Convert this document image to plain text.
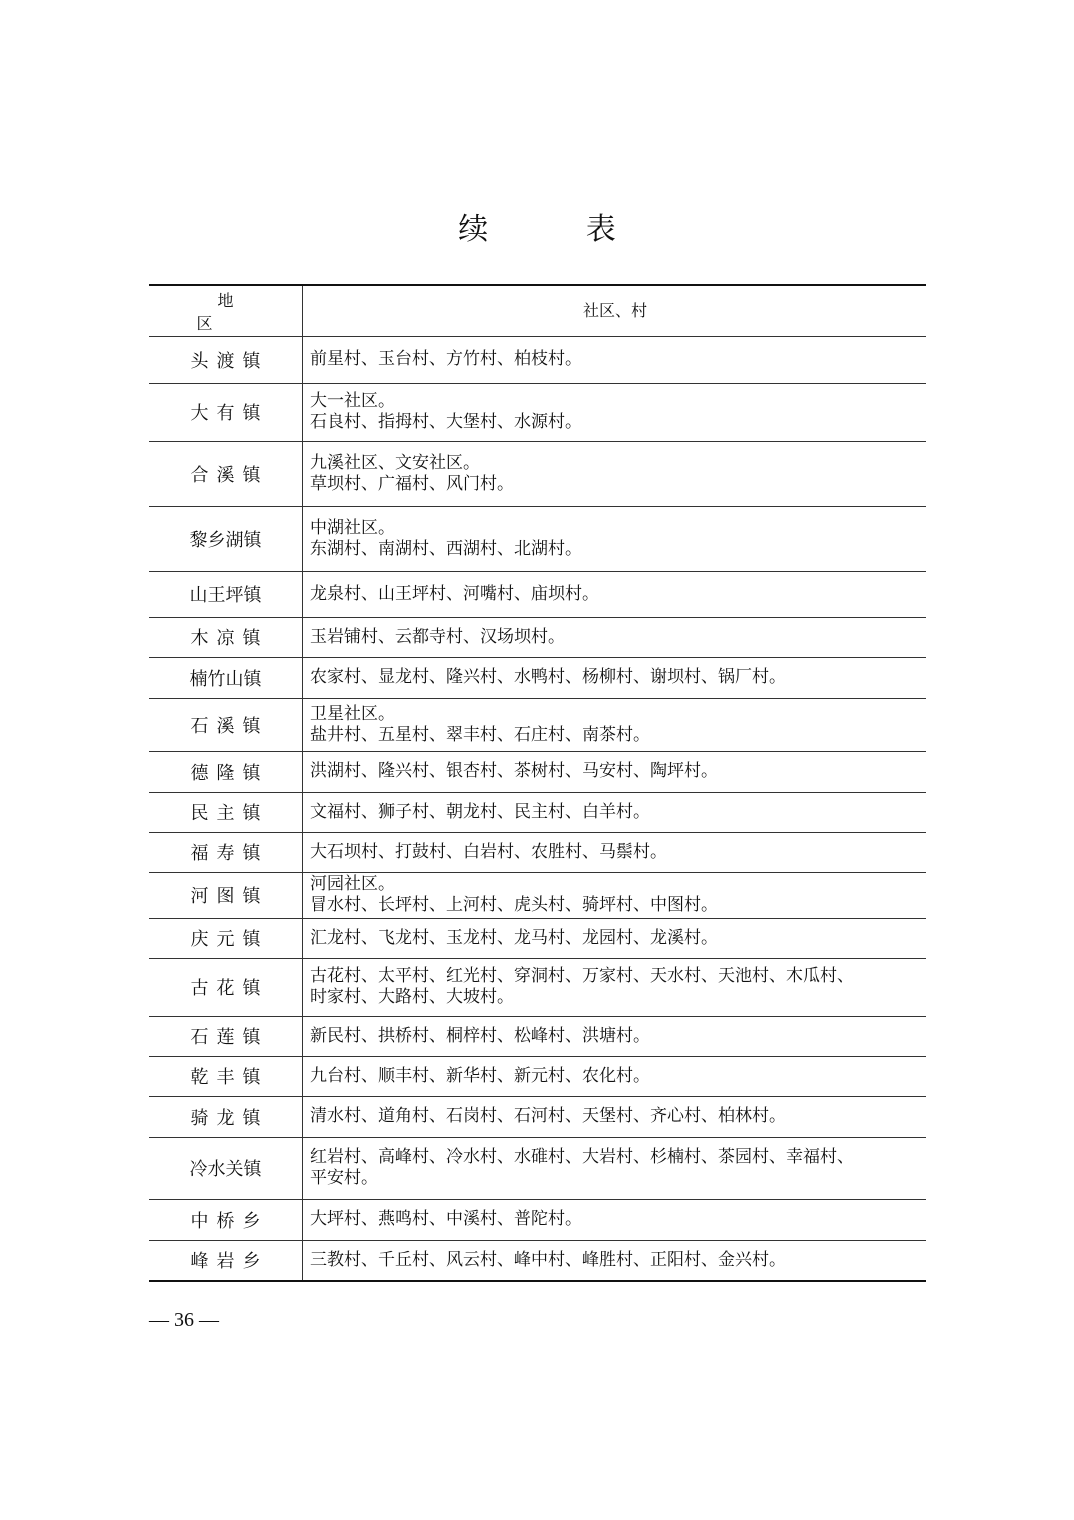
续 表
地 区	社区、村
头渡镇	前星村、玉台村、方竹村、柏枝村。

大有镇	大一社区。
石良村、指拇村、大堡村、水源村。

合溪镇	九溪社区、文安社区。
草坝村、广福村、风门村。

黎乡湖镇	中湖社区。
东湖村、南湖村、西湖村、北湖村。

山王坪镇	龙泉村、山王坪村、河嘴村、庙坝村。

木凉镇	玉岩铺村、云都寺村、汉场坝村。

楠竹山镇	农家村、显龙村、隆兴村、水鸭村、杨柳村、谢坝村、锅厂村。

石溪镇	卫星社区。
盐井村、五星村、翠丰村、石庄村、南茶村。

德隆镇	洪湖村、隆兴村、银杏村、茶树村、马安村、陶坪村。

民主镇	文福村、狮子村、朝龙村、民主村、白羊村。

福寿镇	大石坝村、打鼓村、白岩村、农胜村、马鬃村。

河图镇	河园社区。
冒水村、长坪村、上河村、虎头村、骑坪村、中图村。

庆元镇	汇龙村、飞龙村、玉龙村、龙马村、龙园村、龙溪村。

古花镇	古花村、太平村、红光村、穿洞村、万家村、天水村、天池村、木瓜村、
时家村、大路村、大坡村。

石莲镇	新民村、拱桥村、桐梓村、松峰村、洪塘村。

乾丰镇	九台村、顺丰村、新华村、新元村、农化村。

骑龙镇	清水村、道角村、石岗村、石河村、天堡村、齐心村、柏林村。

冷水关镇	红岩村、高峰村、冷水村、水碓村、大岩村、杉楠村、茶园村、幸福村、
平安村。

中桥乡	大坪村、燕鸣村、中溪村、普陀村。

峰岩乡	三教村、千丘村、风云村、峰中村、峰胜村、正阳村、金兴村。
— 36 —
